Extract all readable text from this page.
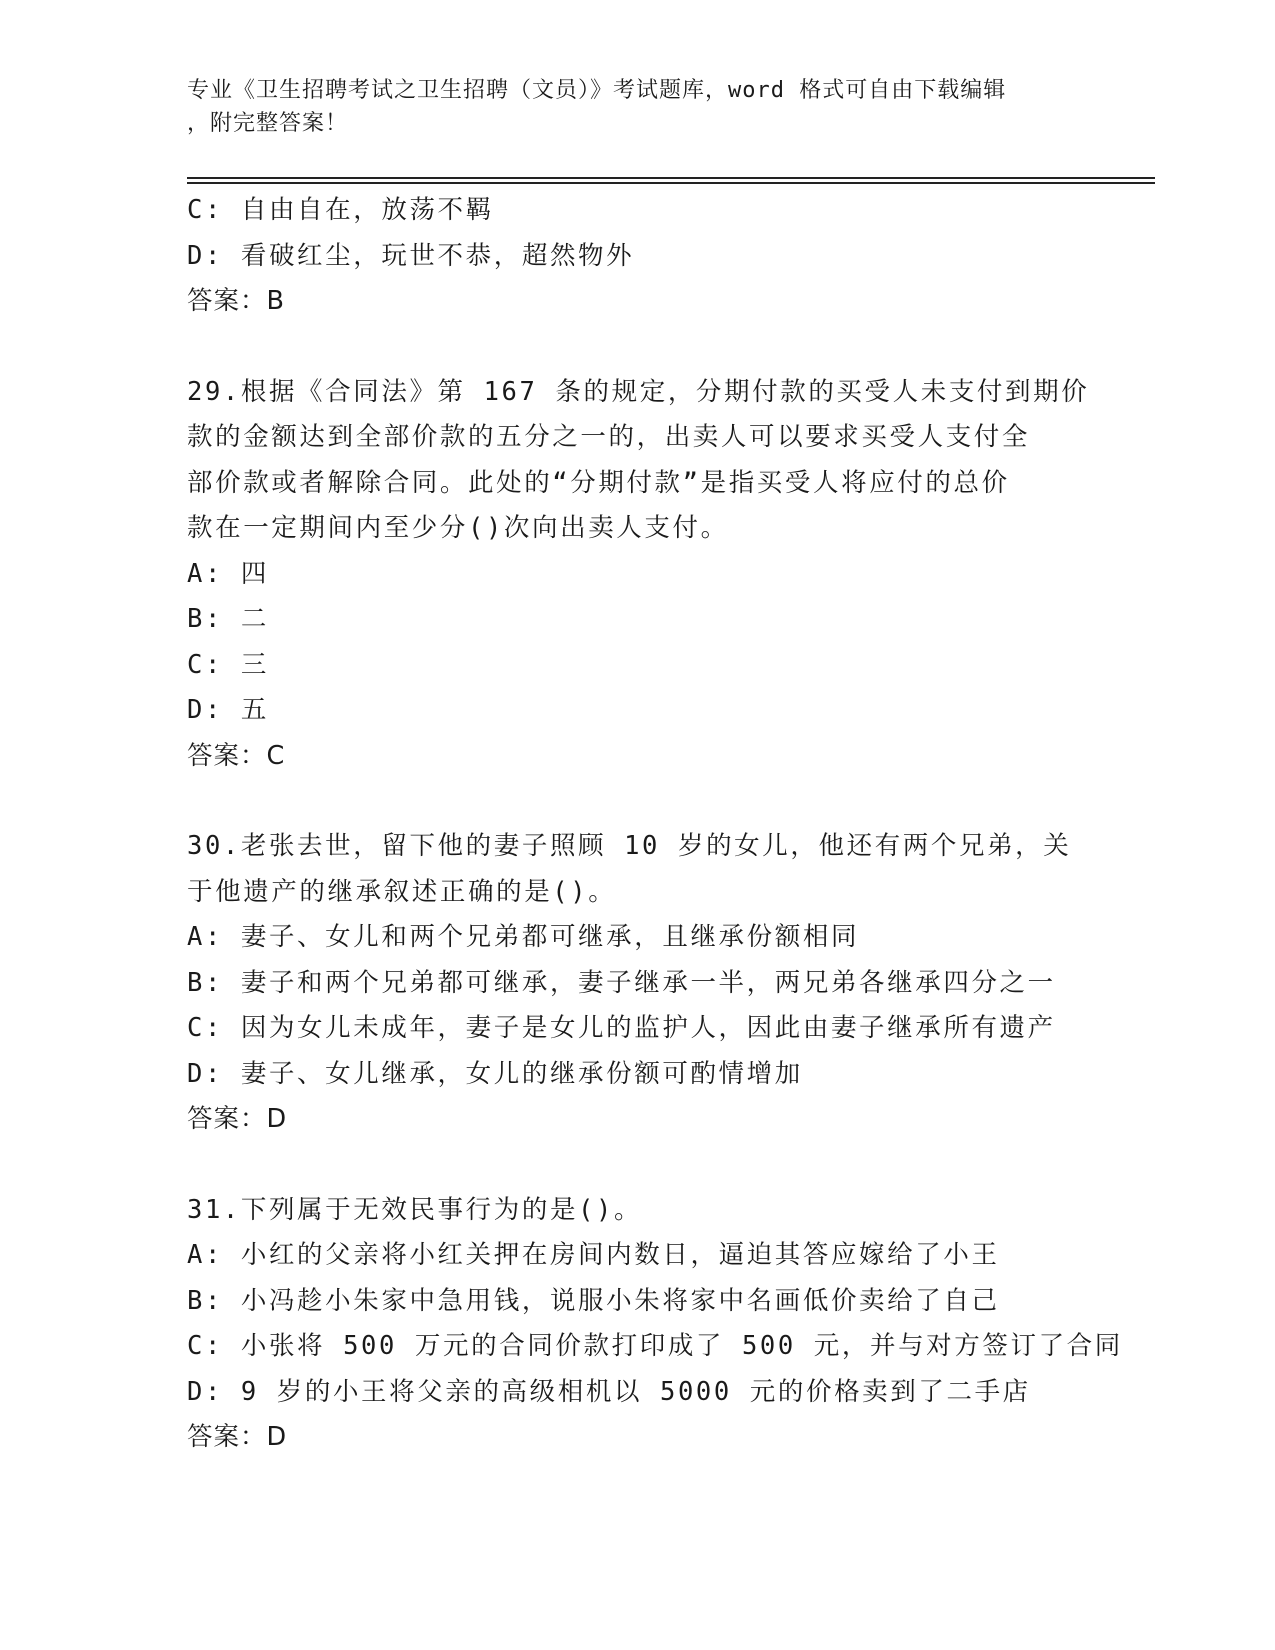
专业《卫生招聘考试之卫生招聘（文员）》考试题库，word 格式可自由下载编辑
，附完整答案！
C: 自由自在，放荡不羁
D: 看破红尘，玩世不恭，超然物外
答案：B
29.根据《合同法》第 167 条的规定，分期付款的买受人未支付到期价
款的金额达到全部价款的五分之一的，出卖人可以要求买受人支付全
部价款或者解除合同。此处的“分期付款”是指买受人将应付的总价
款在一定期间内至少分()次向出卖人支付。
A: 四
B: 二
C: 三
D: 五
答案：C
30.老张去世，留下他的妻子照顾 10 岁的女儿，他还有两个兄弟，关
于他遗产的继承叙述正确的是()。
A: 妻子、女儿和两个兄弟都可继承，且继承份额相同
B: 妻子和两个兄弟都可继承，妻子继承一半，两兄弟各继承四分之一
C: 因为女儿未成年，妻子是女儿的监护人，因此由妻子继承所有遗产
D: 妻子、女儿继承，女儿的继承份额可酌情增加
答案：D
31.下列属于无效民事行为的是()。
A: 小红的父亲将小红关押在房间内数日，逼迫其答应嫁给了小王
B: 小冯趁小朱家中急用钱，说服小朱将家中名画低价卖给了自己
C: 小张将 500 万元的合同价款打印成了 500 元，并与对方签订了合同
D: 9 岁的小王将父亲的高级相机以 5000 元的价格卖到了二手店
答案：D
